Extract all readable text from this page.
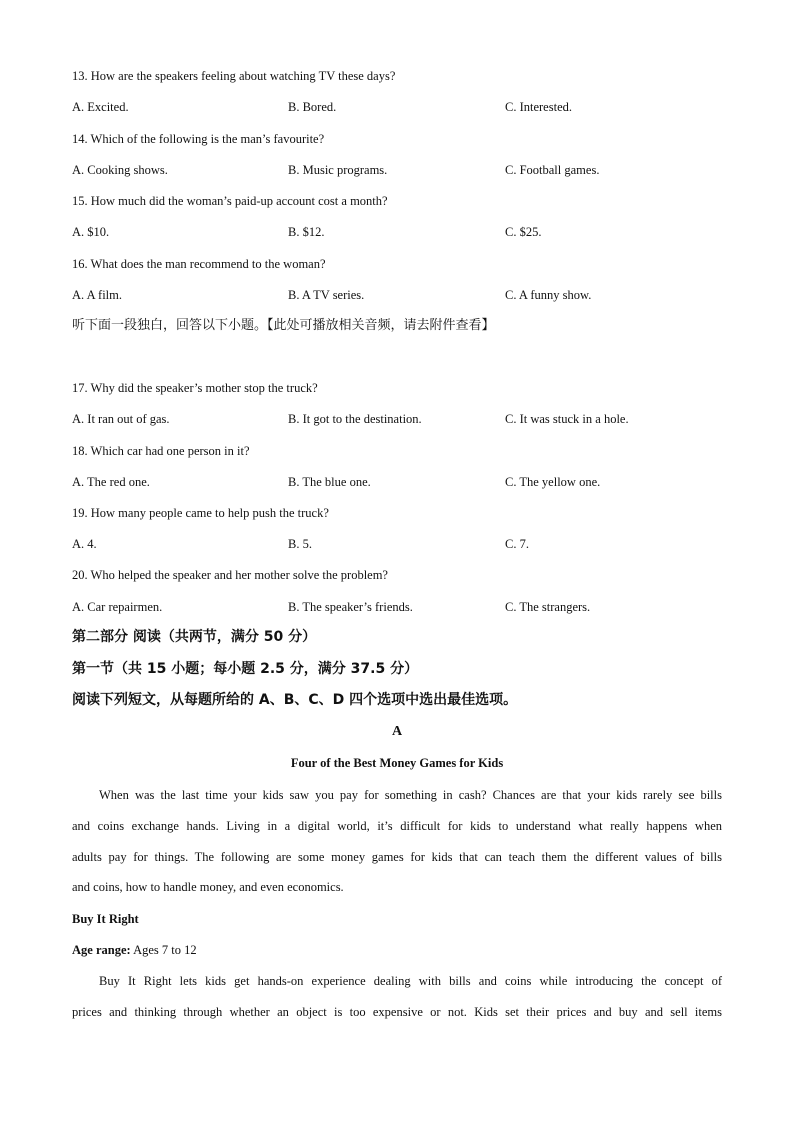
13. How are the speakers feeling about watching TV these days?
A. Excited.	B. Bored.	C. Interested.
14. Which of the following is the man’s favourite?
A. Cooking shows.	B. Music programs.	C. Football games.
15. How much did the woman’s paid-up account cost a month?
A. $10.	B. $12.	C. $25.
16. What does the man recommend to the woman?
A. A film.	B. A TV series.	C. A funny show.
听下面一段独白，回答以下小题。【此处可播放相关音频，请去附件查看】
17. Why did the speaker’s mother stop the truck?
A. It ran out of gas.	B. It got to the destination.	C. It was stuck in a hole.
18. Which car had one person in it?
A. The red one.	B. The blue one.	C. The yellow one.
19. How many people came to help push the truck?
A. 4.	B. 5.	C. 7.
20. Who helped the speaker and her mother solve the problem?
A. Car repairmen.	B. The speaker’s friends.	C. The strangers.
第二部分 阅读（共两节，满分 50 分）
第一节（共 15 小题；每小题 2.5 分，满分 37.5 分）
阅读下列短文，从每题所给的 A、B、C、D 四个选项中选出最佳选项。
A
Four of the Best Money Games for Kids
When was the last time your kids saw you pay for something in cash? Chances are that your kids rarely see bills
and coins exchange hands. Living in a digital world, it’s difficult for kids to understand what really happens when
adults pay for things. The following are some money games for kids that can teach them the different values of bills
and coins, how to handle money, and even economics.
Buy It Right
Age range: Ages 7 to 12
Buy It Right lets kids get hands-on experience dealing with bills and coins while introducing the concept of
prices and thinking through whether an object is too expensive or not. Kids set their prices and buy and sell items
